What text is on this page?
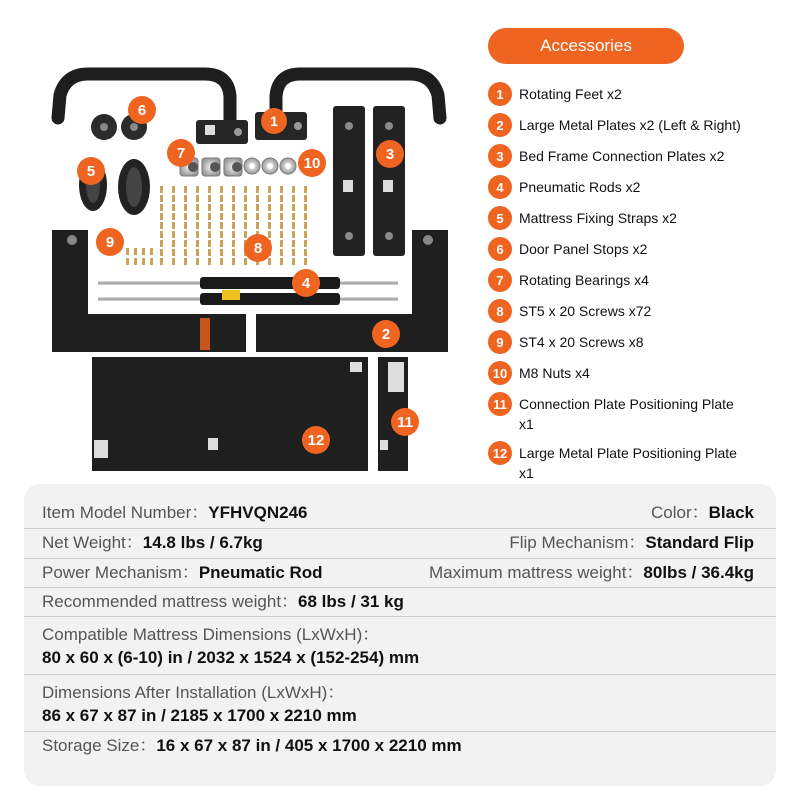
1
2
3
4
5
6
7
8
9
10
11
12
Accessories
1	Rotating Feet x2
2	Large Metal Plates x2 (Left & Right)
3	Bed Frame Connection Plates x2
4	Pneumatic Rods x2
5	Mattress Fixing Straps x2
6	Door Panel Stops x2
7	Rotating Bearings x4
8	ST5 x 20 Screws x72
9	ST4 x 20 Screws x8
10 M8 Nuts x4
11 Connection Plate Positioning Plate x1
12 Large Metal Plate Positioning Plate x1
Item Model Number：YFHVQN246	Color：Black
Net Weight：14.8 lbs / 6.7kg	Flip Mechanism：Standard Flip
Power Mechanism：Pneumatic Rod	Maximum mattress weight：80lbs / 36.4kg
Recommended mattress weight：68 lbs / 31 kg
Compatible Mattress Dimensions (LxWxH)：
80 x 60 x (6-10) in / 2032 x 1524 x (152-254) mm
Dimensions After Installation (LxWxH)：
86 x 67 x 87 in / 2185 x 1700 x 2210 mm
Storage Size：16 x 67 x 87 in / 405 x 1700 x 2210 mm
